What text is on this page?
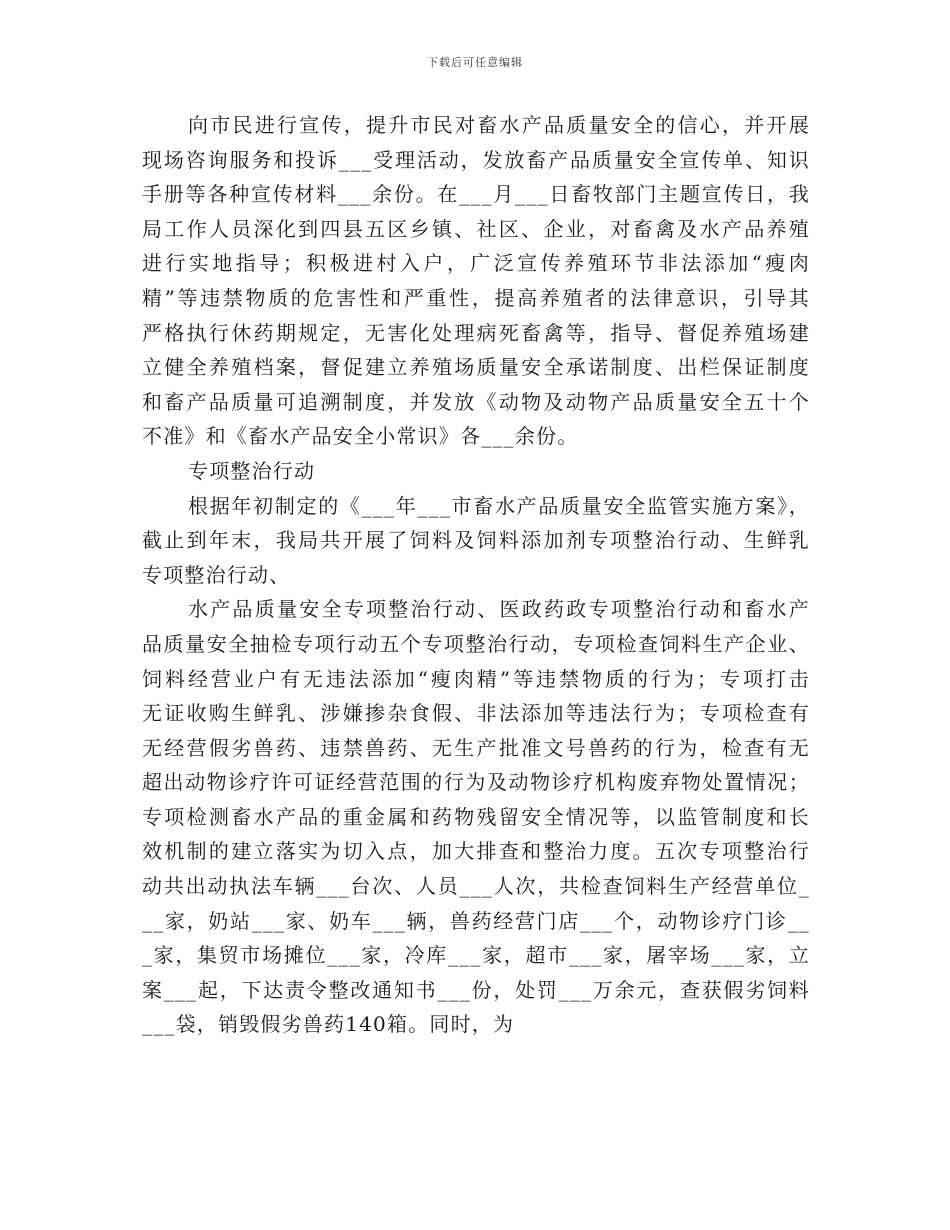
下载后可任意编辑
向市民进行宣传，提升市民对畜水产品质量安全的信心，并开展
现场咨询服务和投诉___受理活动，发放畜产品质量安全宣传单、知识
手册等各种宣传材料___余份。在___月___日畜牧部门主题宣传日，我
局工作人员深化到四县五区乡镇、社区、企业，对畜禽及水产品养殖
进行实地指导；积极进村入户，广泛宣传养殖环节非法添加“瘦肉
精”等违禁物质的危害性和严重性，提高养殖者的法律意识，引导其
严格执行休药期规定，无害化处理病死畜禽等，指导、督促养殖场建
立健全养殖档案，督促建立养殖场质量安全承诺制度、出栏保证制度
和畜产品质量可追溯制度，并发放《动物及动物产品质量安全五十个
不准》和《畜水产品安全小常识》各___余份。
专项整治行动
根据年初制定的《___年___市畜水产品质量安全监管实施方案》，
截止到年末，我局共开展了饲料及饲料添加剂专项整治行动、生鲜乳
专项整治行动、
水产品质量安全专项整治行动、医政药政专项整治行动和畜水产
品质量安全抽检专项行动五个专项整治行动，专项检查饲料生产企业、
饲料经营业户有无违法添加“瘦肉精”等违禁物质的行为；专项打击
无证收购生鲜乳、涉嫌掺杂食假、非法添加等违法行为；专项检查有
无经营假劣兽药、违禁兽药、无生产批准文号兽药的行为，检查有无
超出动物诊疗许可证经营范围的行为及动物诊疗机构废弃物处置情况；
专项检测畜水产品的重金属和药物残留安全情况等，以监管制度和长
效机制的建立落实为切入点，加大排查和整治力度。五次专项整治行
动共出动执法车辆___台次、人员___人次，共检查饲料生产经营单位_
__家，奶站___家、奶车___辆，兽药经营门店___个，动物诊疗门诊__
_家，集贸市场摊位___家，冷库___家，超市___家，屠宰场___家，立
案___起，下达责令整改通知书___份，处罚___万余元，查获假劣饲料
___袋，销毁假劣兽药140箱。同时，为
